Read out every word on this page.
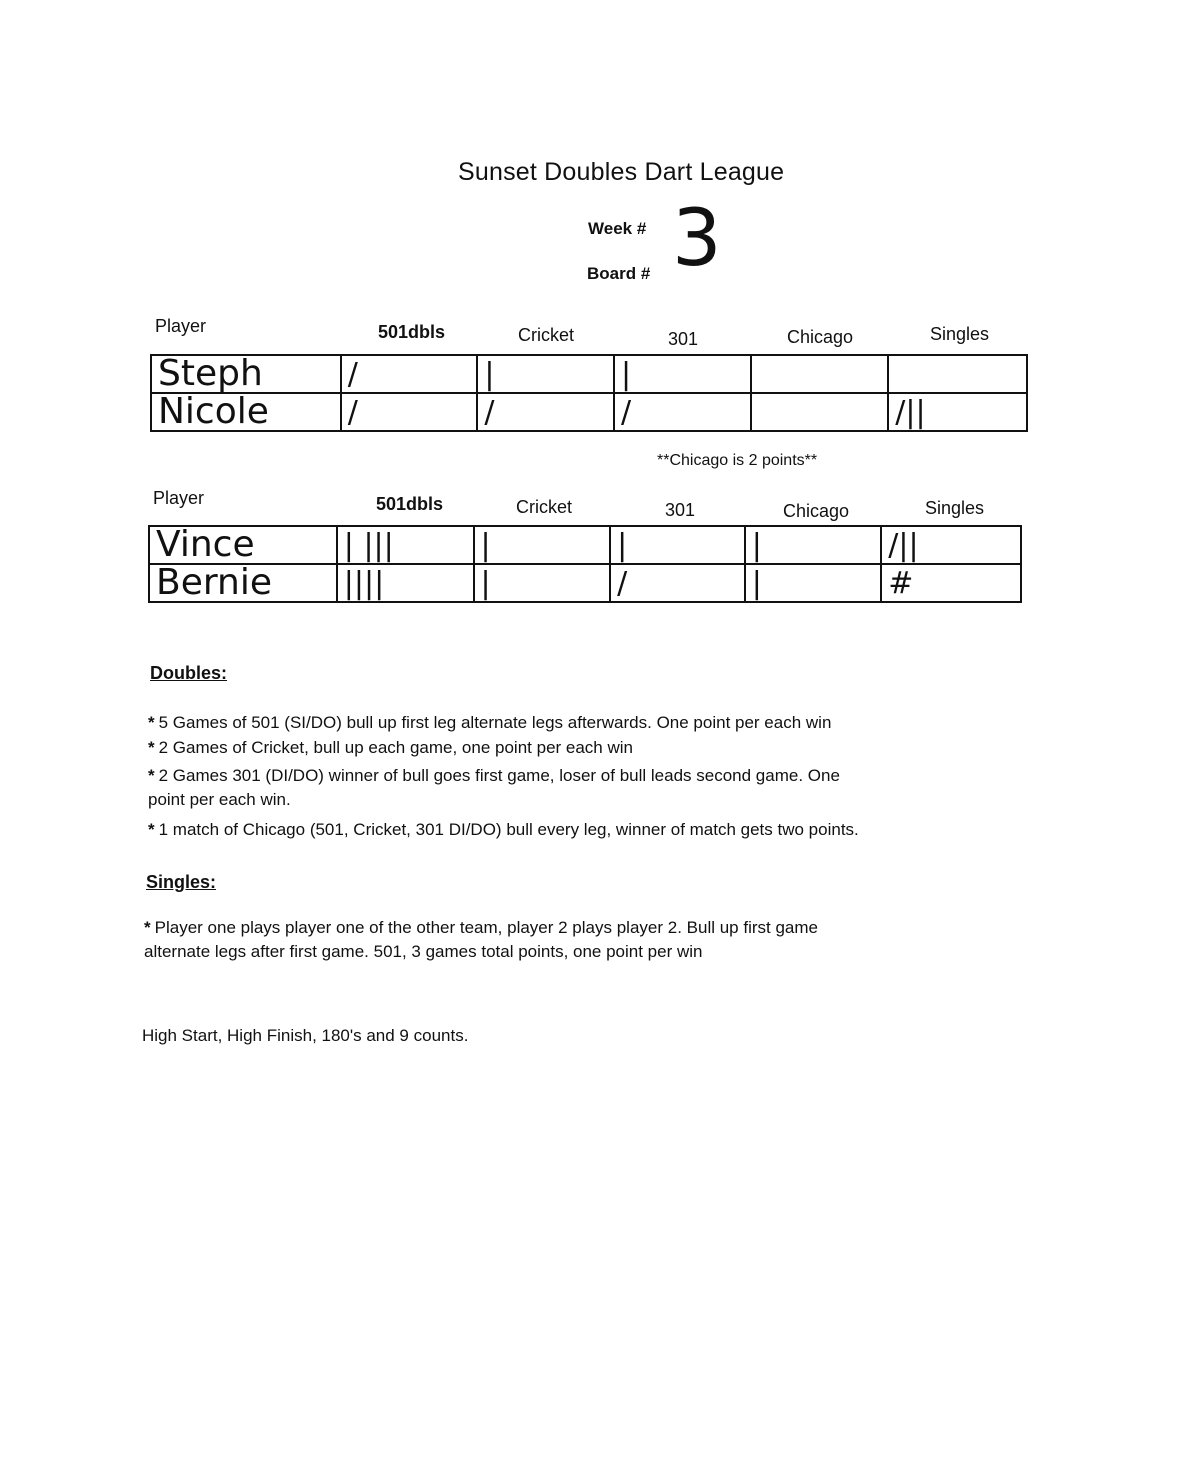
Sunset Doubles Dart League
Week #
Board # 3
Player	501dbls	Cricket	301	Chicago	Singles
Steph	/	|	|		
Nicole	/	/	/		/||
**Chicago is 2 points**
Player	501dbls	Cricket	301	Chicago	Singles
Vince	| |||	|	|	|	/||
Bernie	||||	|	/	|	#
Doubles:
* 5 Games of 501 (SI/DO) bull up first leg alternate legs afterwards. One point per each win
* 2 Games of Cricket, bull up each game, one point per each win
* 2 Games 301 (DI/DO) winner of bull goes first game, loser of bull leads second game. One point per each win.
* 1 match of Chicago (501, Cricket, 301 DI/DO) bull every leg, winner of match gets two points.
Singles:
* Player one plays player one of the other team, player 2 plays player 2. Bull up first game alternate legs after first game. 501, 3 games total points, one point per win
High Start, High Finish, 180's and 9 counts.
